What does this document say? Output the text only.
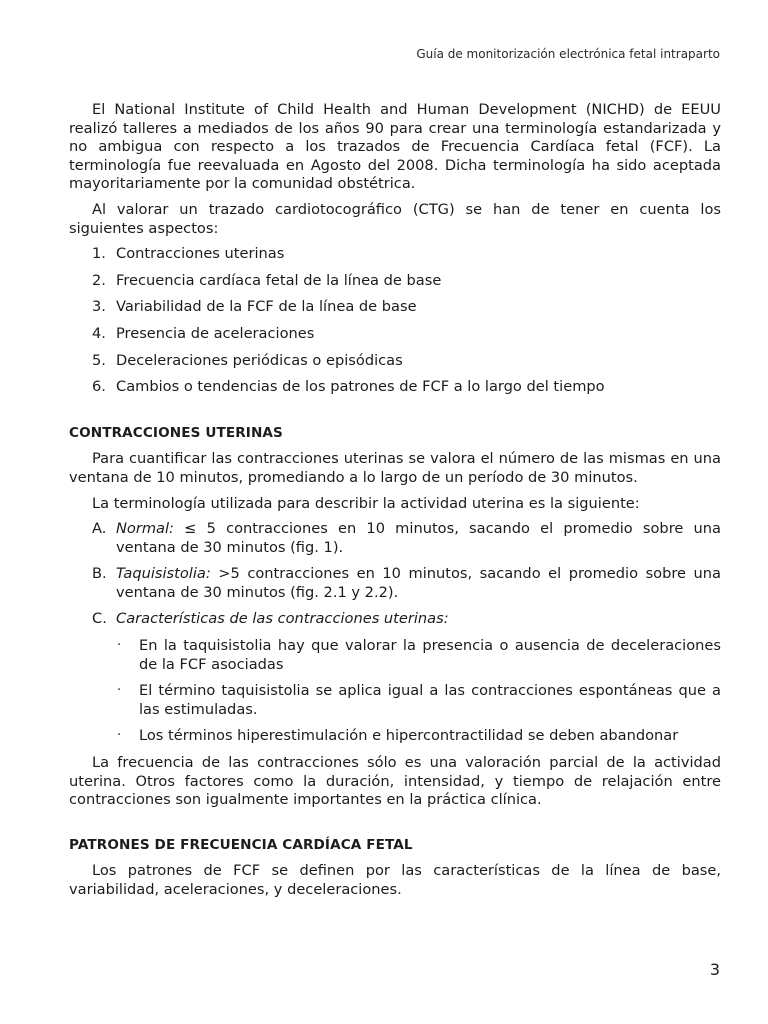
Guía de monitorización electrónica fetal intraparto

El National Institute of Child Health and Human Development (NICHD) de EEUU realizó talleres a mediados de los años 90 para crear una terminología estandarizada y no ambigua con respecto a los trazados de Frecuencia Cardíaca fetal (FCF). La terminología fue reevaluada en Agosto del 2008. Dicha terminología ha sido aceptada mayoritariamente por la comunidad obstétrica.

Al valorar un trazado cardiotocográfico (CTG) se han de tener en cuenta los siguientes aspectos:

1. Contracciones uterinas
2. Frecuencia cardíaca fetal de la línea de base
3. Variabilidad de la FCF de la línea de base
4. Presencia de aceleraciones
5. Deceleraciones periódicas o episódicas
6. Cambios o tendencias de los patrones de FCF a lo largo del tiempo
CONTRACCIONES UTERINAS

Para cuantificar las contracciones uterinas se valora el número de las mismas en una ventana de 10 minutos, promediando a lo largo de un período de 30 minutos.

La terminología utilizada para describir la actividad uterina es la siguiente:

A. Normal: ≤ 5 contracciones en 10 minutos, sacando el promedio sobre una ventana de 30 minutos (fig. 1).
B. Taquisistolia: >5 contracciones en 10 minutos, sacando el promedio sobre una ventana de 30 minutos (fig. 2.1 y 2.2).
C. Características de las contracciones uterinas:
· En la taquisistolia hay que valorar la presencia o ausencia de deceleraciones de la FCF asociadas
· El término taquisistolia se aplica igual a las contracciones espontáneas que a las estimuladas.
· Los términos hiperestimulación e hipercontractilidad se deben abandonar

La frecuencia de las contracciones sólo es una valoración parcial de la actividad uterina. Otros factores como la duración, intensidad, y tiempo de relajación entre contracciones son igualmente importantes en la práctica clínica.

PATRONES DE FRECUENCIA CARDÍACA FETAL

Los patrones de FCF se definen por las características de la línea de base, variabilidad, aceleraciones, y deceleraciones.

3
